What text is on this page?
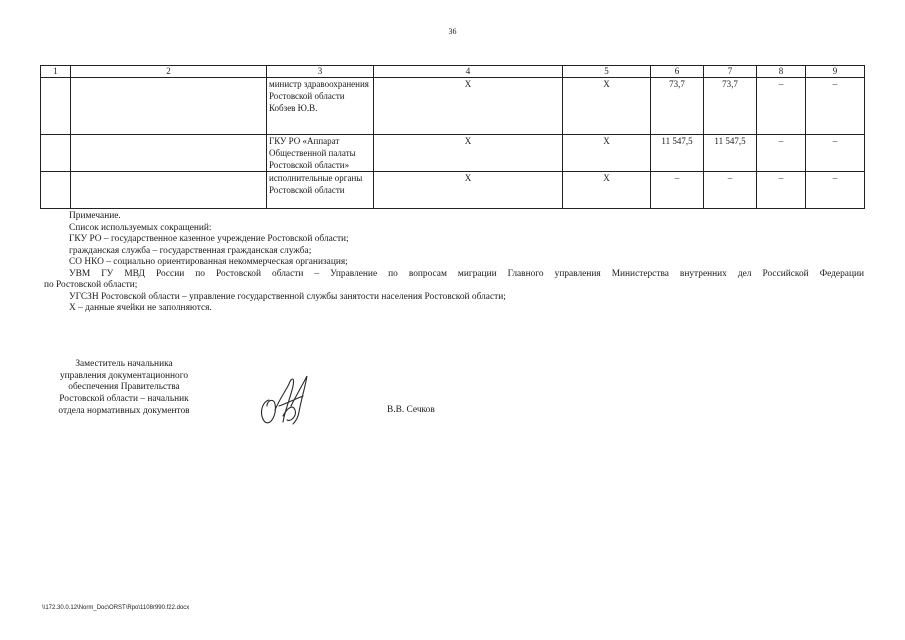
36
1	2	3	4	5	6	7	8	9
		министр здравоохранения Ростовской области Кобзев Ю.В.	Х	Х	73,7	73,7	–	–
		ГКУ РО «Аппарат Общественной палаты Ростовской области»	Х	Х	11 547,5	11 547,5	–	–
		исполнительные органы Ростовской области	Х	Х	–	–	–	–

Примечание.

Список используемых сокращений:

ГКУ РО – государственное казенное учреждение Ростовской области;

гражданская служба – государственная гражданская служба;

СО НКО – социально ориентированная некоммерческая организация;

УВМ ГУ МВД России по Ростовской области – Управление по вопросам миграции Главного управления Министерства внутренних дел Российской Федерации

по Ростовской области;

УГСЗН Ростовской области – управление государственной службы занятости населения Ростовской области;

Х – данные ячейки не заполняются.

Заместитель начальника
управления документационного
обеспечения Правительства
Ростовской области – начальник
отдела нормативных документов	В.В. Сечков
\\172.30.0.12\Norm_Doc\ORST\Rpo\1108r990.f22.docx
